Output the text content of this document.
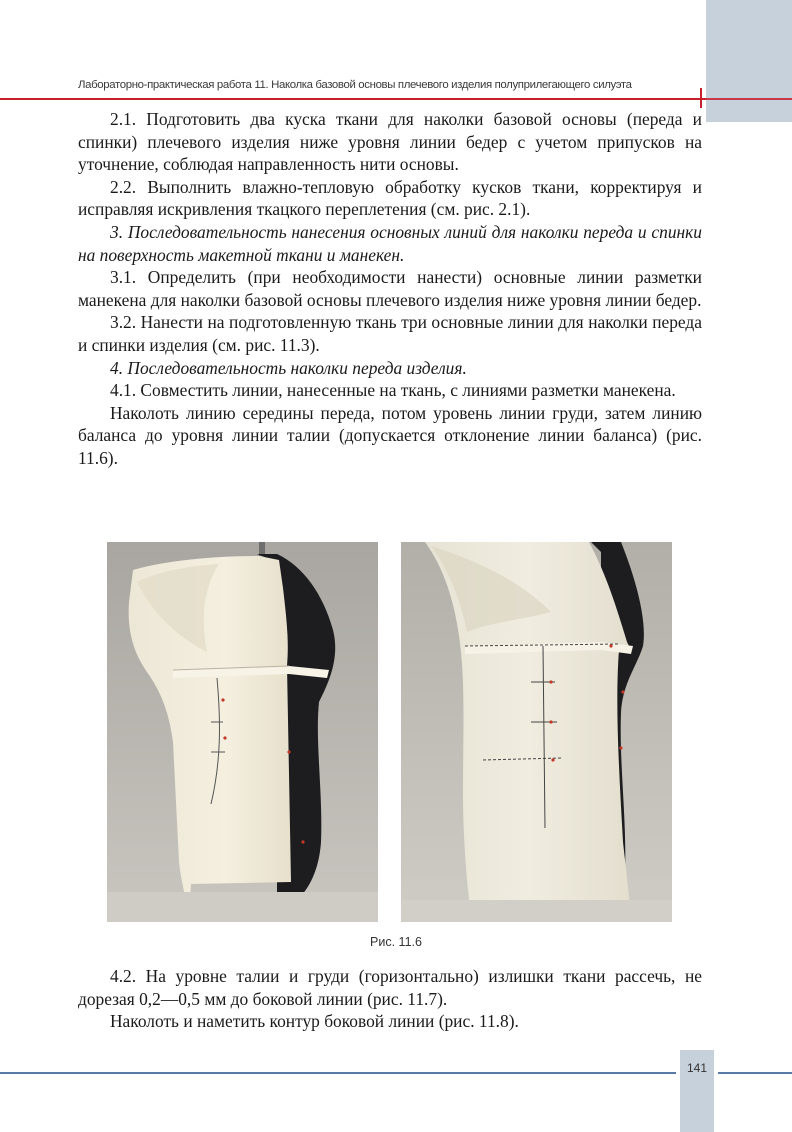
Лабораторно-практическая работа 11. Наколка базовой основы плечевого изделия полуприлегающего силуэта

2.1. Подготовить два куска ткани для наколки базовой основы (переда и спинки) плечевого изделия ниже уровня линии бедер с учетом припусков на уточнение, соблюдая направленность нити основы.

2.2. Выполнить влажно-тепловую обработку кусков ткани, корректируя и исправляя искривления ткацкого переплетения (см. рис. 2.1).

3. Последовательность нанесения основных линий для наколки переда и спинки на поверхность макетной ткани и манекен.

3.1. Определить (при необходимости нанести) основные линии разметки манекена для наколки базовой основы плечевого изделия ниже уровня линии бедер.

3.2. Нанести на подготовленную ткань три основные линии для наколки переда и спинки изделия (см. рис. 11.3).

4. Последовательность наколки переда изделия.

4.1. Совместить линии, нанесенные на ткань, с линиями разметки манекена.

Наколоть линию середины переда, потом уровень линии груди, затем линию баланса до уровня линии талии (допускается отклонение линии баланса) (рис. 11.6).

Рис. 11.6

4.2. На уровне талии и груди (горизонтально) излишки ткани рассечь, не дорезая 0,2—0,5 мм до боковой линии (рис. 11.7).

Наколоть и наметить контур боковой линии (рис. 11.8).

141
